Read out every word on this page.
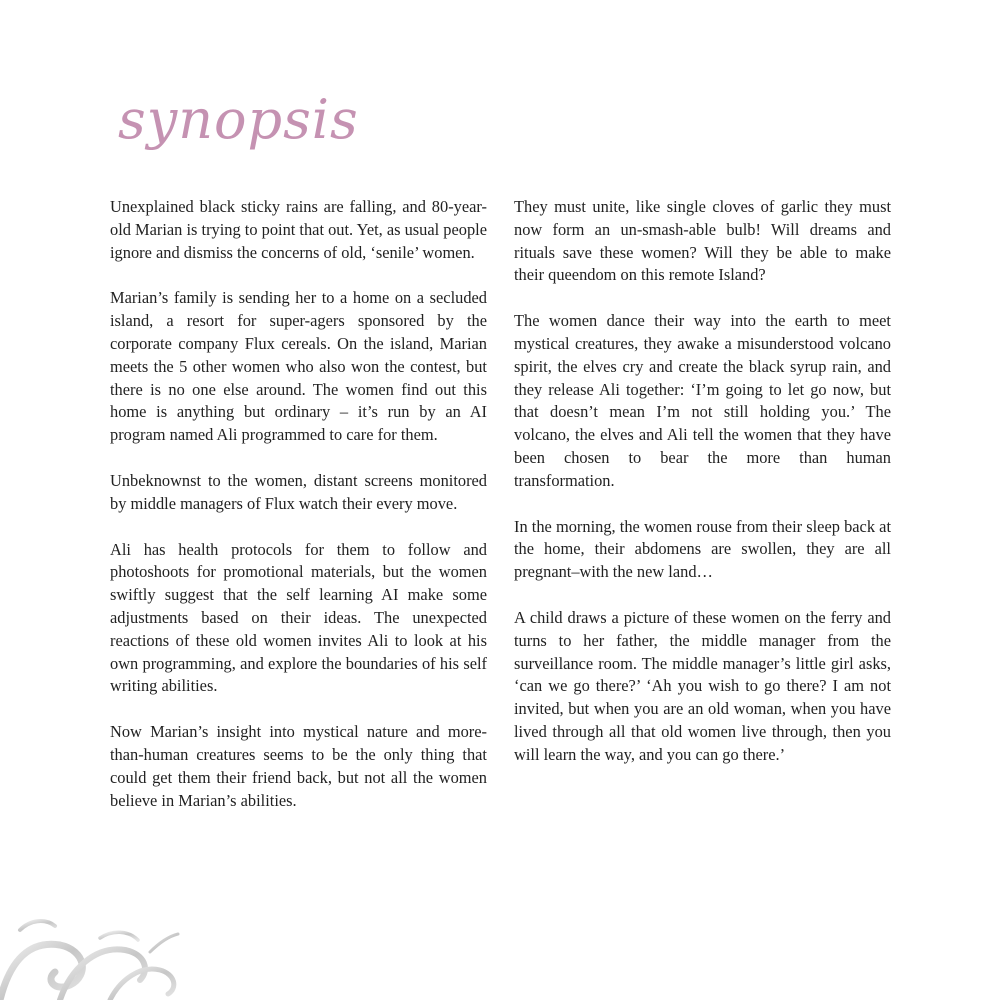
synopsis

Unexplained black sticky rains are falling, and 80-year-old Marian is trying to point that out. Yet, as usual people ignore and dismiss the concerns of old, ‘senile’ women.

Marian’s family is sending her to a home on a secluded island, a resort for super-agers sponsored by the corporate company Flux cereals. On the island, Marian meets the 5 other women who also won the contest, but there is no one else around. The women find out this home is anything but ordinary – it’s run by an AI program named Ali programmed to care for them.

Unbeknownst to the women, distant screens monitored by middle managers of Flux watch their every move.

Ali has health protocols for them to follow and photoshoots for promotional materials, but the women swiftly suggest that the self learning AI make some adjustments based on their ideas. The unexpected reactions of these old women invites Ali to look at his own programming, and explore the boundaries of his self writing abilities.

Now Marian’s insight into mystical nature and more-than-human creatures seems to be the only thing that could get them their friend back, but not all the women believe in Marian’s abilities.

They must unite, like single cloves of garlic they must now form an un-smash-able bulb! Will dreams and rituals save these women? Will they be able to make their queendom on this remote Island?

The women dance their way into the earth to meet mystical creatures, they awake a misunderstood volcano spirit, the elves cry and create the black syrup rain, and they release Ali together: ‘I’m going to let go now, but that doesn’t mean I’m not still holding you.’ The volcano, the elves and Ali tell the women that they have been chosen to bear the more than human transformation.

In the morning, the women rouse from their sleep back at the home, their abdomens are swollen, they are all pregnant–with the new land…

A child draws a picture of these women on the ferry and turns to her father, the middle manager from the surveillance room. The middle manager’s little girl asks, ‘can we go there?’ ‘Ah you wish to go there? I am not invited, but when you are an old woman, when you have lived through all that old women live through, then you will learn the way, and you can go there.’
